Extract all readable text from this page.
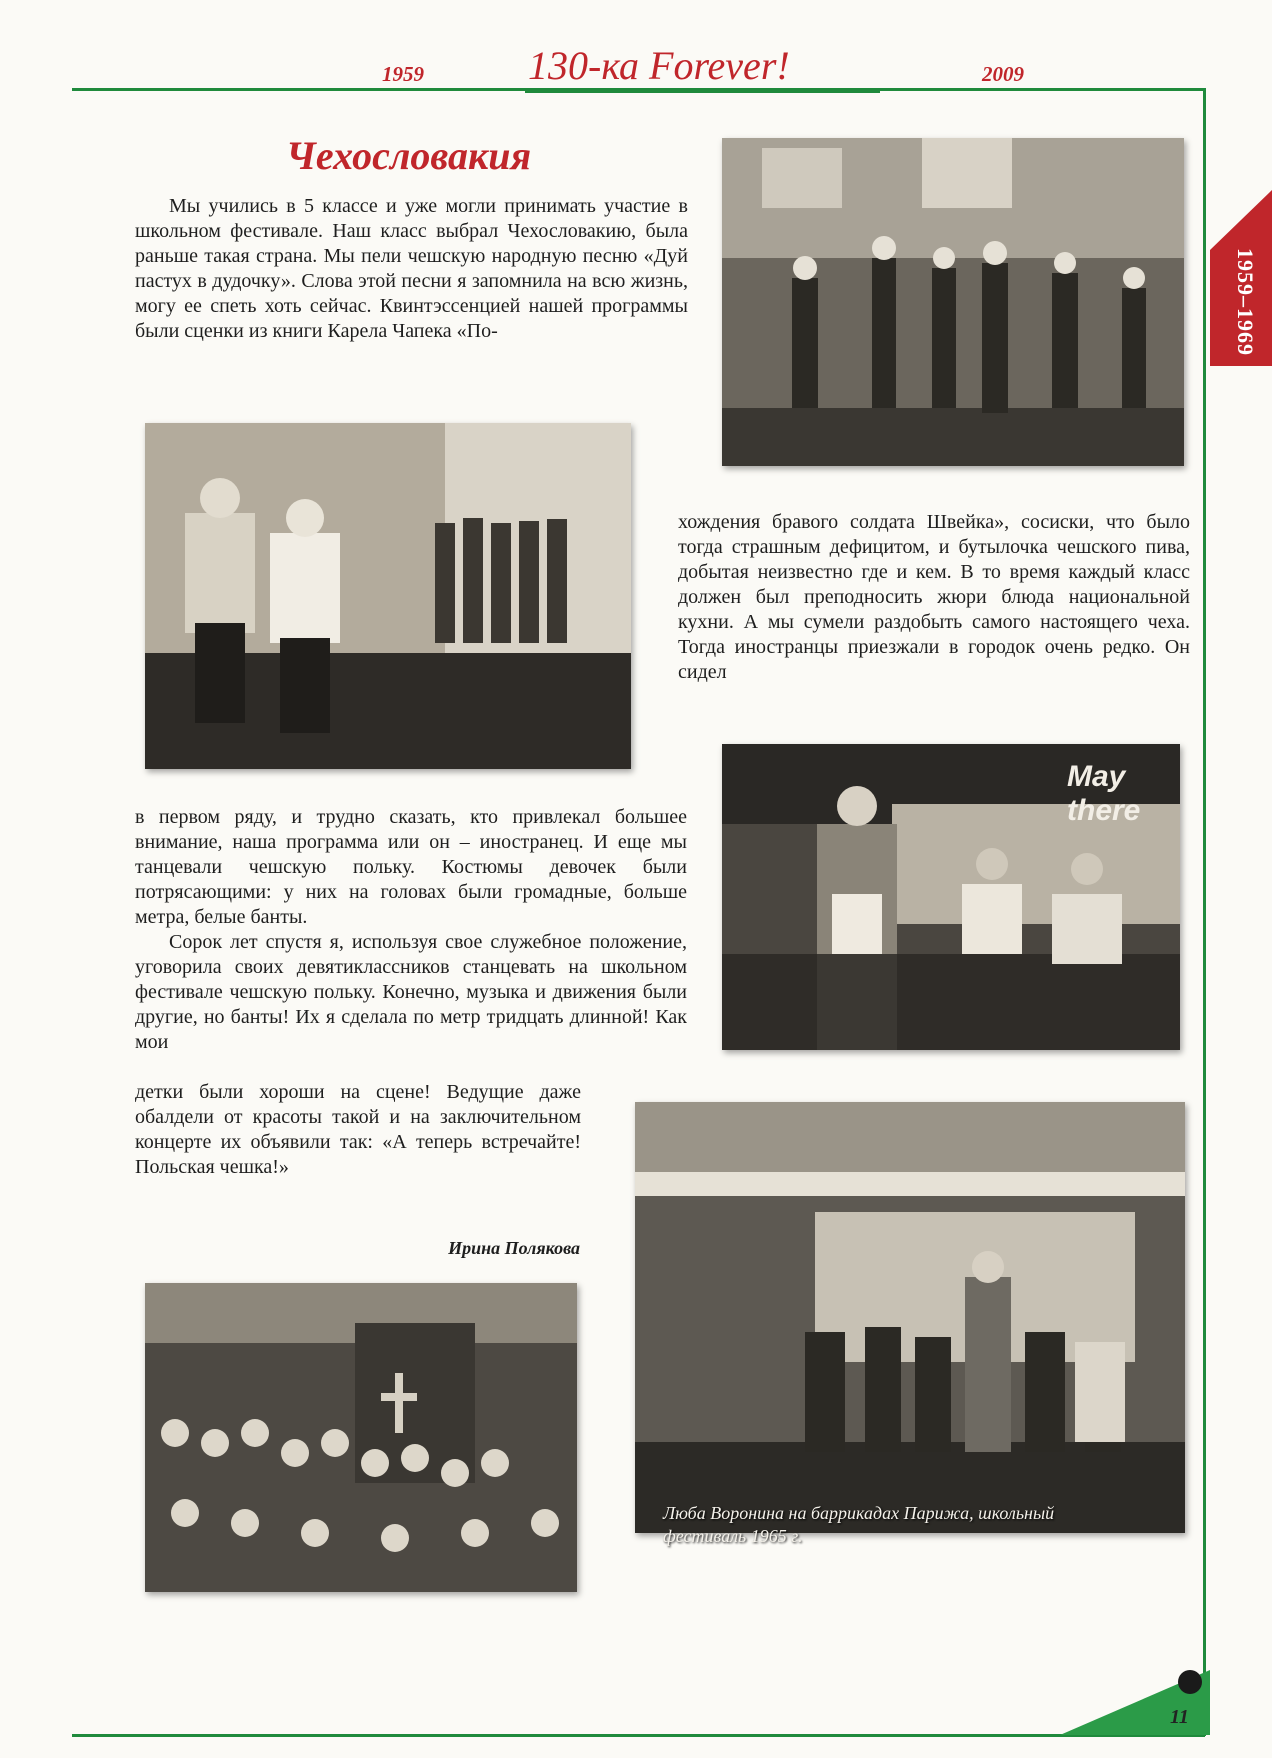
1959	130-ка Forever!	2009
1959–1969
Чехословакия

Мы учились в 5 классе и уже могли принимать участие в школьном фестивале. Наш класс выбрал Чехословакию, была раньше такая страна. Мы пели чешскую народную песню «Дуй пастух в дудочку». Слова этой песни я запомнила на всю жизнь, могу ее спеть хоть сейчас. Квинтэссенцией нашей программы были сценки из книги Карела Чапека «По-

хождения бравого солдата Швейка», сосиски, что было тогда страшным дефицитом, и бутылочка чешского пива, добытая неизвестно где и кем. В то время каждый класс должен был преподносить жюри блюда национальной кухни. А мы сумели раздобыть самого настоящего чеха. Тогда иностранцы приезжали в городок очень редко. Он сидел

в первом ряду, и трудно сказать, кто привлекал большее внимание, наша программа или он – иностранец. И еще мы танцевали чешскую польку. Костюмы девочек были потрясающими: у них на головах были громадные, больше метра, белые банты.

Сорок лет спустя я, используя свое служебное положение, уговорила своих девятиклассников станцевать на школьном фестивале чешскую польку. Конечно, музыка и движения были другие, но банты! Их я сделала по метр тридцать длинной! Как мои

детки были хороши на сцене! Ведущие даже обалдели от красоты такой и на заключительном концерте их объявили так: «А теперь встречайте! Польская чешка!»

Ирина Полякова
May there
Люба Воронина на баррикадах Парижа, школьный фестиваль 1965 г.
11
